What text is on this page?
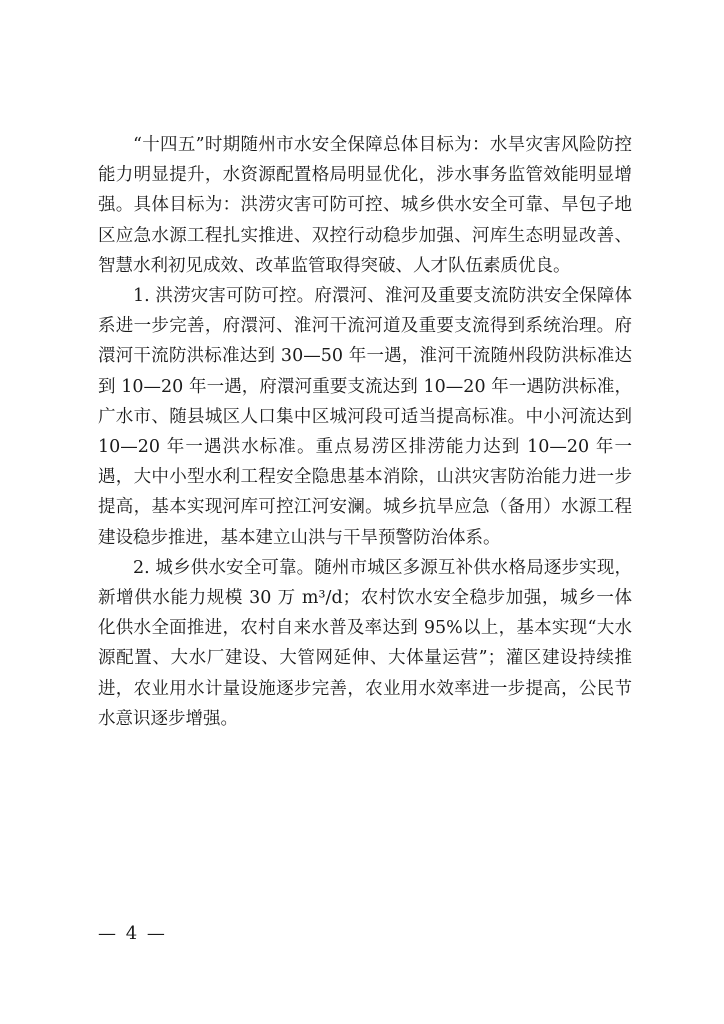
“十四五”时期随州市水安全保障总体目标为：水旱灾害风险防控能力明显提升，水资源配置格局明显优化，涉水事务监管效能明显增强。具体目标为：洪涝灾害可防可控、城乡供水安全可靠、旱包子地区应急水源工程扎实推进、双控行动稳步加强、河库生态明显改善、智慧水利初见成效、改革监管取得突破、人才队伍素质优良。

1. 洪涝灾害可防可控。府澴河、淮河及重要支流防洪安全保障体系进一步完善，府澴河、淮河干流河道及重要支流得到系统治理。府澴河干流防洪标准达到 30—50 年一遇，淮河干流随州段防洪标准达到 10—20 年一遇，府澴河重要支流达到 10—20 年一遇防洪标准，广水市、随县城区人口集中区城河段可适当提高标准。中小河流达到 10—20 年一遇洪水标准。重点易涝区排涝能力达到 10—20 年一遇，大中小型水利工程安全隐患基本消除，山洪灾害防治能力进一步提高，基本实现河库可控江河安澜。城乡抗旱应急（备用）水源工程建设稳步推进，基本建立山洪与干旱预警防治体系。

2. 城乡供水安全可靠。随州市城区多源互补供水格局逐步实现，新增供水能力规模 30 万 m³/d；农村饮水安全稳步加强，城乡一体化供水全面推进，农村自来水普及率达到 95%以上，基本实现“大水源配置、大水厂建设、大管网延伸、大体量运营”；灌区建设持续推进，农业用水计量设施逐步完善，农业用水效率进一步提高，公民节水意识逐步增强。

— 4 —
